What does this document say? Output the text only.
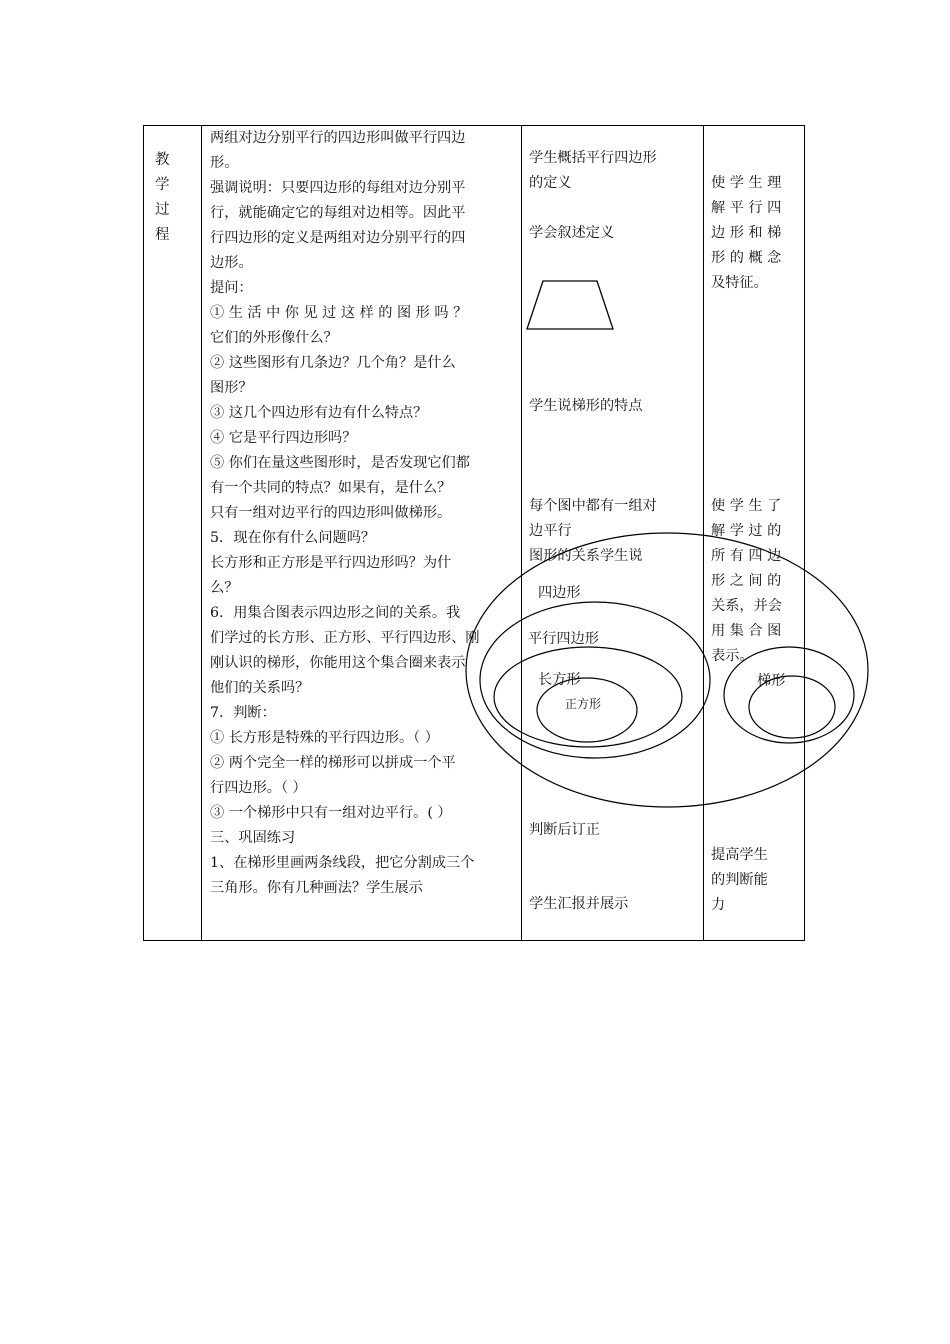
教
学
过
程
两组对边分别平行的四边形叫做平行四边
形。
强调说明：只要四边形的每组对边分别平
行，就能确定它的每组对边相等。因此平
行四边形的定义是两组对边分别平行的四
边形。
提问：
① 生 活 中 你 见 过 这 样 的 图 形 吗 ？
它们的外形像什么？
② 这些图形有几条边？几个角？是什么
图形？
③ 这几个四边形有边有什么特点？
④ 它是平行四边形吗？
⑤ 你们在量这些图形时，是否发现它们都
有一个共同的特点？如果有，是什么？
只有一组对边平行的四边形叫做梯形。
5．现在你有什么问题吗？
长方形和正方形是平行四边形吗？为什
么？
6．用集合图表示四边形之间的关系。我
们学过的长方形、正方形、平行四边形、刚
刚认识的梯形，你能用这个集合圈来表示
他们的关系吗？
7．判断：
① 长方形是特殊的平行四边形。（ ）
② 两个完全一样的梯形可以拼成一个平
行四边形。（ ）
③ 一个梯形中只有一组对边平行。( ）
三、巩固练习
1、在梯形里画两条线段，把它分割成三个
三角形。你有几种画法？学生展示
学生概括平行四边形
的定义
学会叙述定义
学生说梯形的特点
每个图中都有一组对
边平行
图形的关系学生说
判断后订正
学生汇报并展示
使 学 生 理
解 平 行 四
边 形 和 梯
形 的 概 念
及特征。
使 学 生 了
解 学 过 的
所 有 四 边
形 之 间 的
关系，并会
用 集 合 图
表示。
提高学生
的判断能
力
四边形
平行四边形
长方形
正方形
梯形
